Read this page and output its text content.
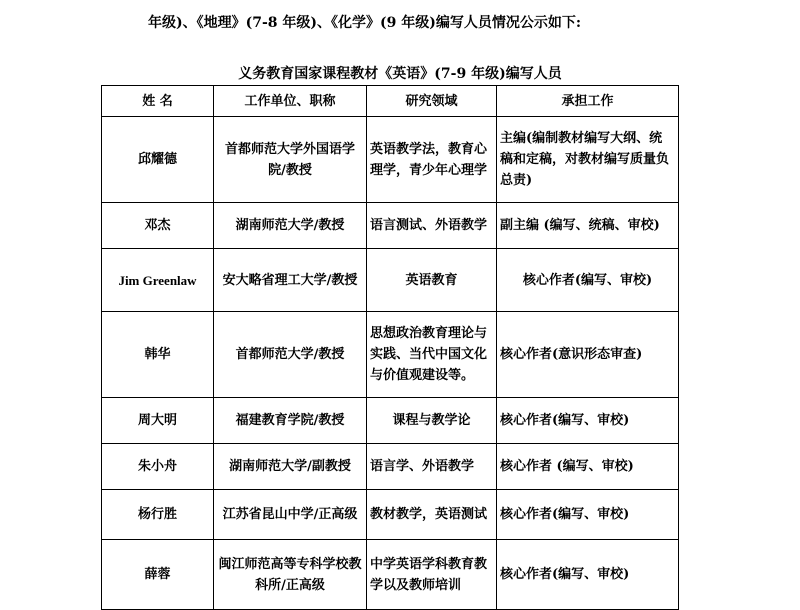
年级)、《地理》(7-8 年级)、《化学》(9 年级)编写人员情况公示如下:
义务教育国家课程教材《英语》(7-9 年级)编写人员
姓 名	工作单位、职称	研究领域	承担工作
邱耀德	首都师范大学外国语学院/教授	英语教学法，教育心理学，青少年心理学	主编(编制教材编写大纲、统稿和定稿，对教材编写质量负总责)
邓杰	湖南师范大学/教授	语言测试、外语教学	副主编 (编写、统稿、审校)
Jim Greenlaw	安大略省理工大学/教授	英语教育	核心作者(编写、审校)
韩华	首都师范大学/教授	思想政治教育理论与实践、当代中国文化与价值观建设等。	核心作者(意识形态审查)
周大明	福建教育学院/教授	课程与教学论	核心作者(编写、审校)
朱小舟	湖南师范大学/副教授	语言学、外语教学	核心作者 (编写、审校)
杨行胜	江苏省昆山中学/正高级	教材教学，英语测试	核心作者(编写、审校)
薛蓉	闽江师范高等专科学校教科所/正高级	中学英语学科教育教学以及教师培训	核心作者(编写、审校)
